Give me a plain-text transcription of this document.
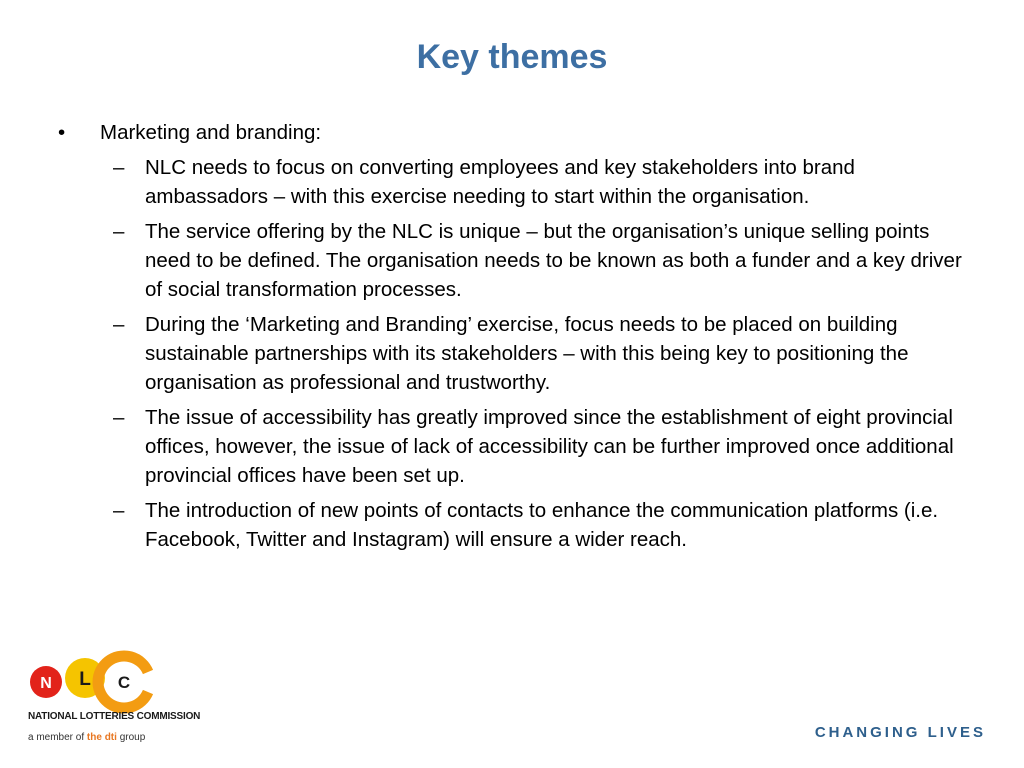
Key themes
• Marketing and branding:
– NLC needs to focus on converting employees and key stakeholders into brand ambassadors – with this exercise needing to start within the organisation.
– The service offering by the NLC is unique – but the organisation’s unique selling points need to be defined. The organisation needs to be known as both a funder and a key driver of social transformation processes.
– During the ‘Marketing and Branding’ exercise, focus needs to be placed on building sustainable partnerships with its stakeholders – with this being key to positioning the organisation as professional and trustworthy.
– The issue of accessibility has greatly improved since the establishment of eight provincial offices, however, the issue of lack of accessibility can be further improved once additional provincial offices have been set up.
– The introduction of new points of contacts to enhance the communication platforms (i.e. Facebook, Twitter and Instagram) will ensure a wider reach.
N L C
NATIONAL LOTTERIES COMMISSION
a member of the dti group	CHANGING LIVES
